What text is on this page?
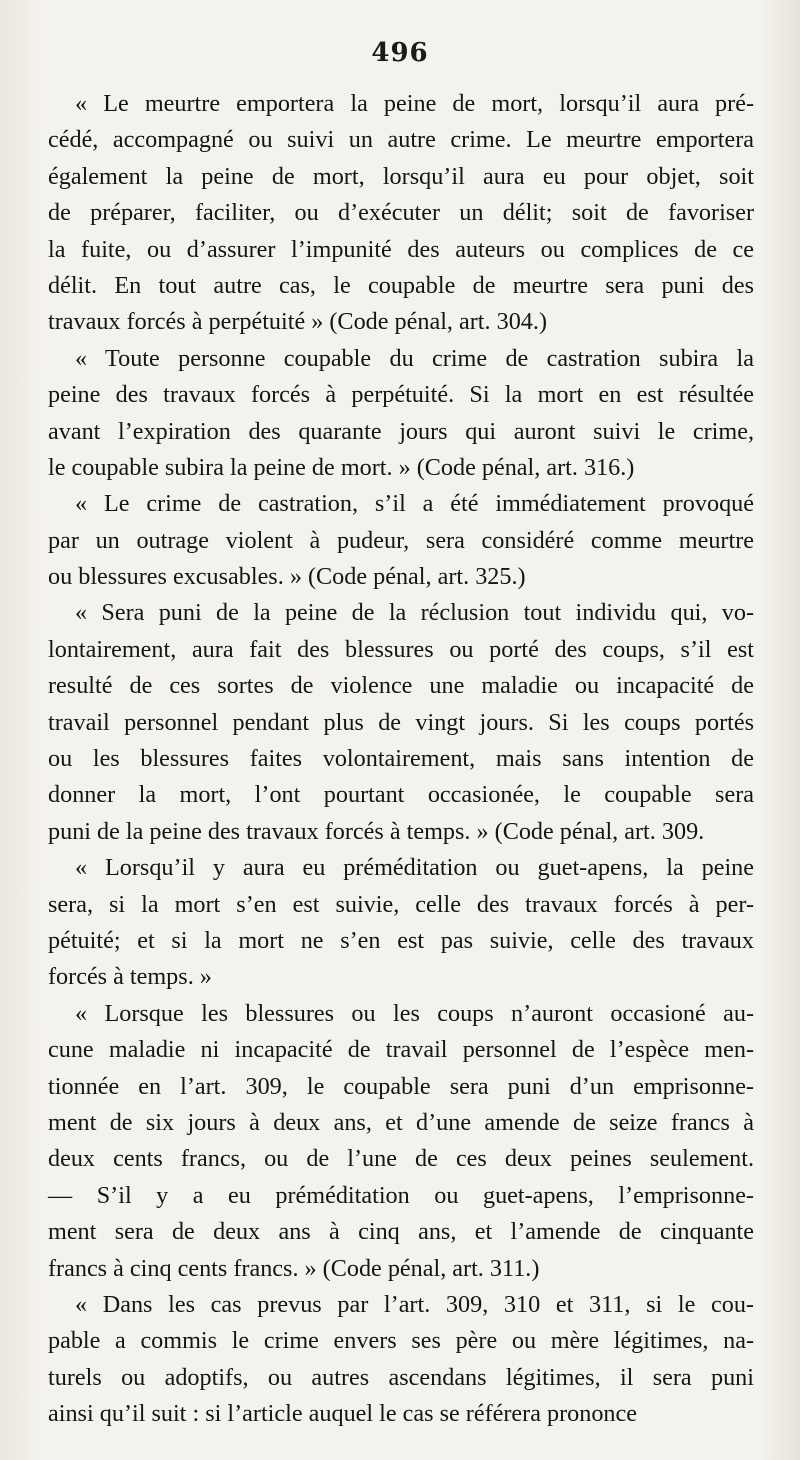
496
« Le meurtre emportera la peine de mort, lorsqu’il aura pré-
cédé, accompagné ou suivi un autre crime. Le meurtre emportera
également la peine de mort, lorsqu’il aura eu pour objet, soit
de préparer, faciliter, ou d’exécuter un délit; soit de favoriser
la fuite, ou d’assurer l’impunité des auteurs ou complices de ce
délit. En tout autre cas, le coupable de meurtre sera puni des
travaux forcés à perpétuité » (Code pénal, art. 304.)
« Toute personne coupable du crime de castration subira la
peine des travaux forcés à perpétuité. Si la mort en est résultée
avant l’expiration des quarante jours qui auront suivi le crime,
le coupable subira la peine de mort. » (Code pénal, art. 316.)
« Le crime de castration, s’il a été immédiatement provoqué
par un outrage violent à pudeur, sera considéré comme meurtre
ou blessures excusables. » (Code pénal, art. 325.)
« Sera puni de la peine de la réclusion tout individu qui, vo-
lontairement, aura fait des blessures ou porté des coups, s’il est
resulté de ces sortes de violence une maladie ou incapacité de
travail personnel pendant plus de vingt jours. Si les coups portés
ou les blessures faites volontairement, mais sans intention de
donner la mort, l’ont pourtant occasionée, le coupable sera
puni de la peine des travaux forcés à temps. » (Code pénal, art. 309.
« Lorsqu’il y aura eu préméditation ou guet-apens, la peine
sera, si la mort s’en est suivie, celle des travaux forcés à per-
pétuité; et si la mort ne s’en est pas suivie, celle des travaux
forcés à temps. »
« Lorsque les blessures ou les coups n’auront occasioné au-
cune maladie ni incapacité de travail personnel de l’espèce men-
tionnée en l’art. 309, le coupable sera puni d’un emprisonne-
ment de six jours à deux ans, et d’une amende de seize francs à
deux cents francs, ou de l’une de ces deux peines seulement.
— S’il y a eu préméditation ou guet-apens, l’emprisonne-
ment sera de deux ans à cinq ans, et l’amende de cinquante
francs à cinq cents francs. » (Code pénal, art. 311.)
« Dans les cas prevus par l’art. 309, 310 et 311, si le cou-
pable a commis le crime envers ses père ou mère légitimes, na-
turels ou adoptifs, ou autres ascendans légitimes, il sera puni
ainsi qu’il suit : si l’article auquel le cas se référera prononce
